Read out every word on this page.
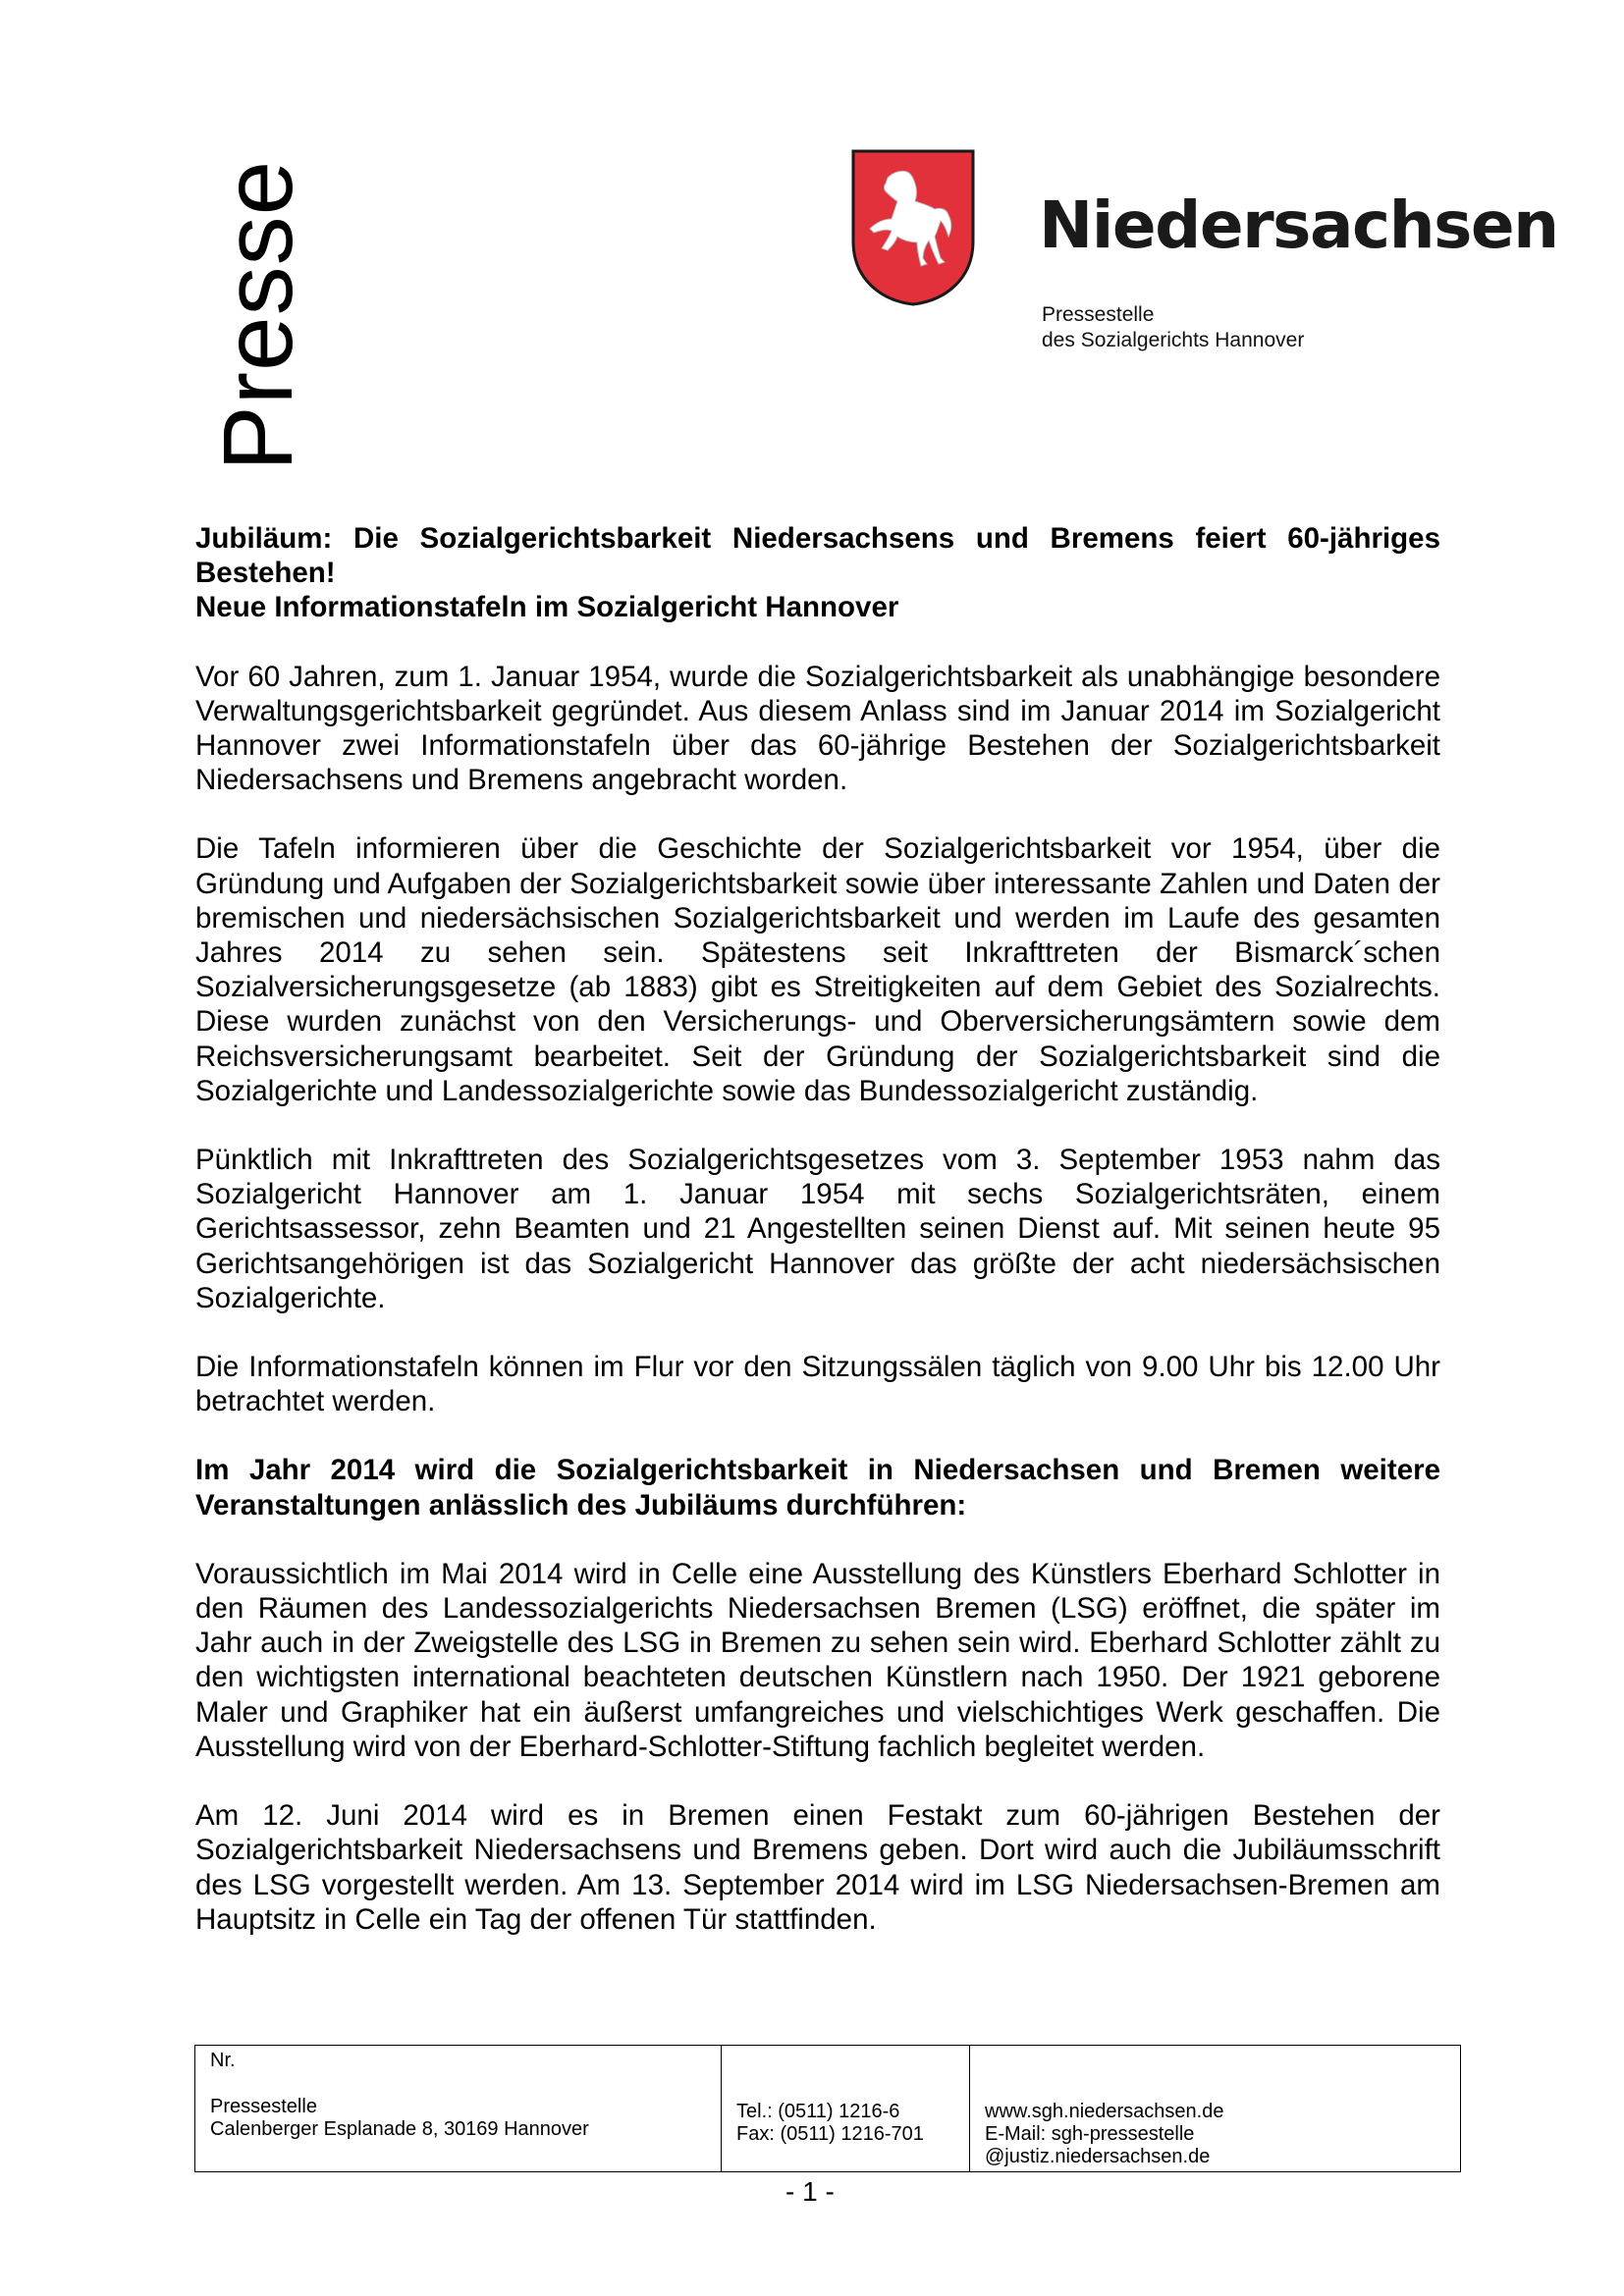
Presse	Niedersachsen
Pressestelle
des Sozialgerichts Hannover
Jubiläum: Die Sozialgerichtsbarkeit Niedersachsens und Bremens feiert 60-jähriges
Bestehen!
Neue Informationstafeln im Sozialgericht Hannover

Vor 60 Jahren, zum 1. Januar 1954, wurde die Sozialgerichtsbarkeit als unabhängige besondere Verwaltungsgerichtsbarkeit gegründet. Aus diesem Anlass sind im Januar 2014 im Sozialgericht Hannover zwei Informationstafeln über das 60-jährige Bestehen der Sozialgerichtsbarkeit Niedersachsens und Bremens angebracht worden.

Die Tafeln informieren über die Geschichte der Sozialgerichtsbarkeit vor 1954, über die Gründung und Aufgaben der Sozialgerichtsbarkeit sowie über interessante Zahlen und Daten der bremischen und niedersächsischen Sozialgerichtsbarkeit und werden im Laufe des gesamten Jahres 2014 zu sehen sein. Spätestens seit Inkrafttreten der Bismarck´schen Sozialversicherungsgesetze (ab 1883) gibt es Streitigkeiten auf dem Gebiet des Sozialrechts. Diese wurden zunächst von den Versicherungs- und Oberversicherungsämtern sowie dem Reichsversicherungsamt bearbeitet. Seit der Gründung der Sozialgerichtsbarkeit sind die Sozialgerichte und Landessozialgerichte sowie das Bundessozialgericht zuständig.

Pünktlich mit Inkrafttreten des Sozialgerichtsgesetzes vom 3. September 1953 nahm das Sozialgericht Hannover am 1. Januar 1954 mit sechs Sozialgerichtsräten, einem Gerichtsassessor, zehn Beamten und 21 Angestellten seinen Dienst auf. Mit seinen heute 95 Gerichtsangehörigen ist das Sozialgericht Hannover das größte der acht niedersächsischen Sozialgerichte.

Die Informationstafeln können im Flur vor den Sitzungssälen täglich von 9.00 Uhr bis 12.00 Uhr betrachtet werden.

Im Jahr 2014 wird die Sozialgerichtsbarkeit in Niedersachsen und Bremen weitere Veranstaltungen anlässlich des Jubiläums durchführen:

Voraussichtlich im Mai 2014 wird in Celle eine Ausstellung des Künstlers Eberhard Schlotter in den Räumen des Landessozialgerichts Niedersachsen Bremen (LSG) eröffnet, die später im Jahr auch in der Zweigstelle des LSG in Bremen zu sehen sein wird. Eberhard Schlotter zählt zu den wichtigsten international beachteten deutschen Künstlern nach 1950. Der 1921 geborene Maler und Graphiker hat ein äußerst umfangreiches und vielschichtiges Werk geschaffen. Die Ausstellung wird von der Eberhard-Schlotter-Stiftung fachlich begleitet werden.

Am 12. Juni 2014 wird es in Bremen einen Festakt zum 60-jährigen Bestehen der Sozialgerichtsbarkeit Niedersachsens und Bremens geben. Dort wird auch die Jubiläumsschrift des LSG vorgestellt werden. Am 13. September 2014 wird im LSG Niedersachsen-Bremen am Hauptsitz in Celle ein Tag der offenen Tür stattfinden.

Nr.
Pressestelle
Calenberger Esplanade 8, 30169 Hannover
Tel.: (0511) 1216-6
Fax: (0511) 1216-701
www.sgh.niedersachsen.de
E-Mail: sgh-pressestelle
@justiz.niedersachsen.de
- 1 -
